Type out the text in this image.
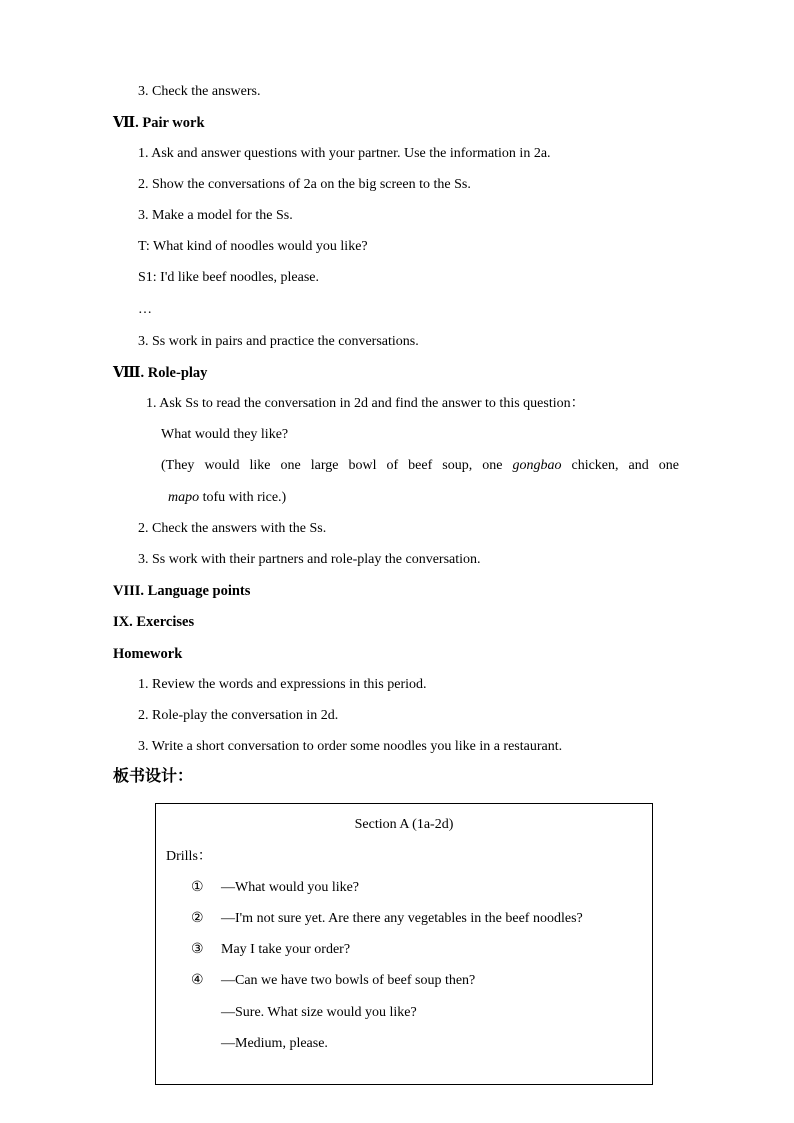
3. Check the answers.
Ⅶ. Pair work
1. Ask and answer questions with your partner. Use the information in 2a.
2. Show the conversations of 2a on the big screen to the Ss.
3. Make a model for the Ss.
T: What kind of noodles would you like?
S1: I'd like beef noodles, please.
…
3. Ss work in pairs and practice the conversations.
Ⅷ. Role-play
1. Ask Ss to read the conversation in 2d and find the answer to this question：
What would they like?
(They would like one large bowl of beef soup, one gongbao chicken, and one
mapo tofu with rice.)
2. Check the answers with the Ss.
3. Ss work with their partners and role-play the conversation.
VIII. Language points
IX. Exercises
Homework
1. Review the words and expressions in this period.
2. Role-play the conversation in 2d.
3. Write a short conversation to order some noodles you like in a restaurant.
板书设计：
Section A (1a-2d)
Drills：
① —What would you like?
② —I'm not sure yet. Are there any vegetables in the beef noodles?
③ May I take your order?
④ —Can we have two bowls of beef soup then?
—Sure. What size would you like?
—Medium, please.
